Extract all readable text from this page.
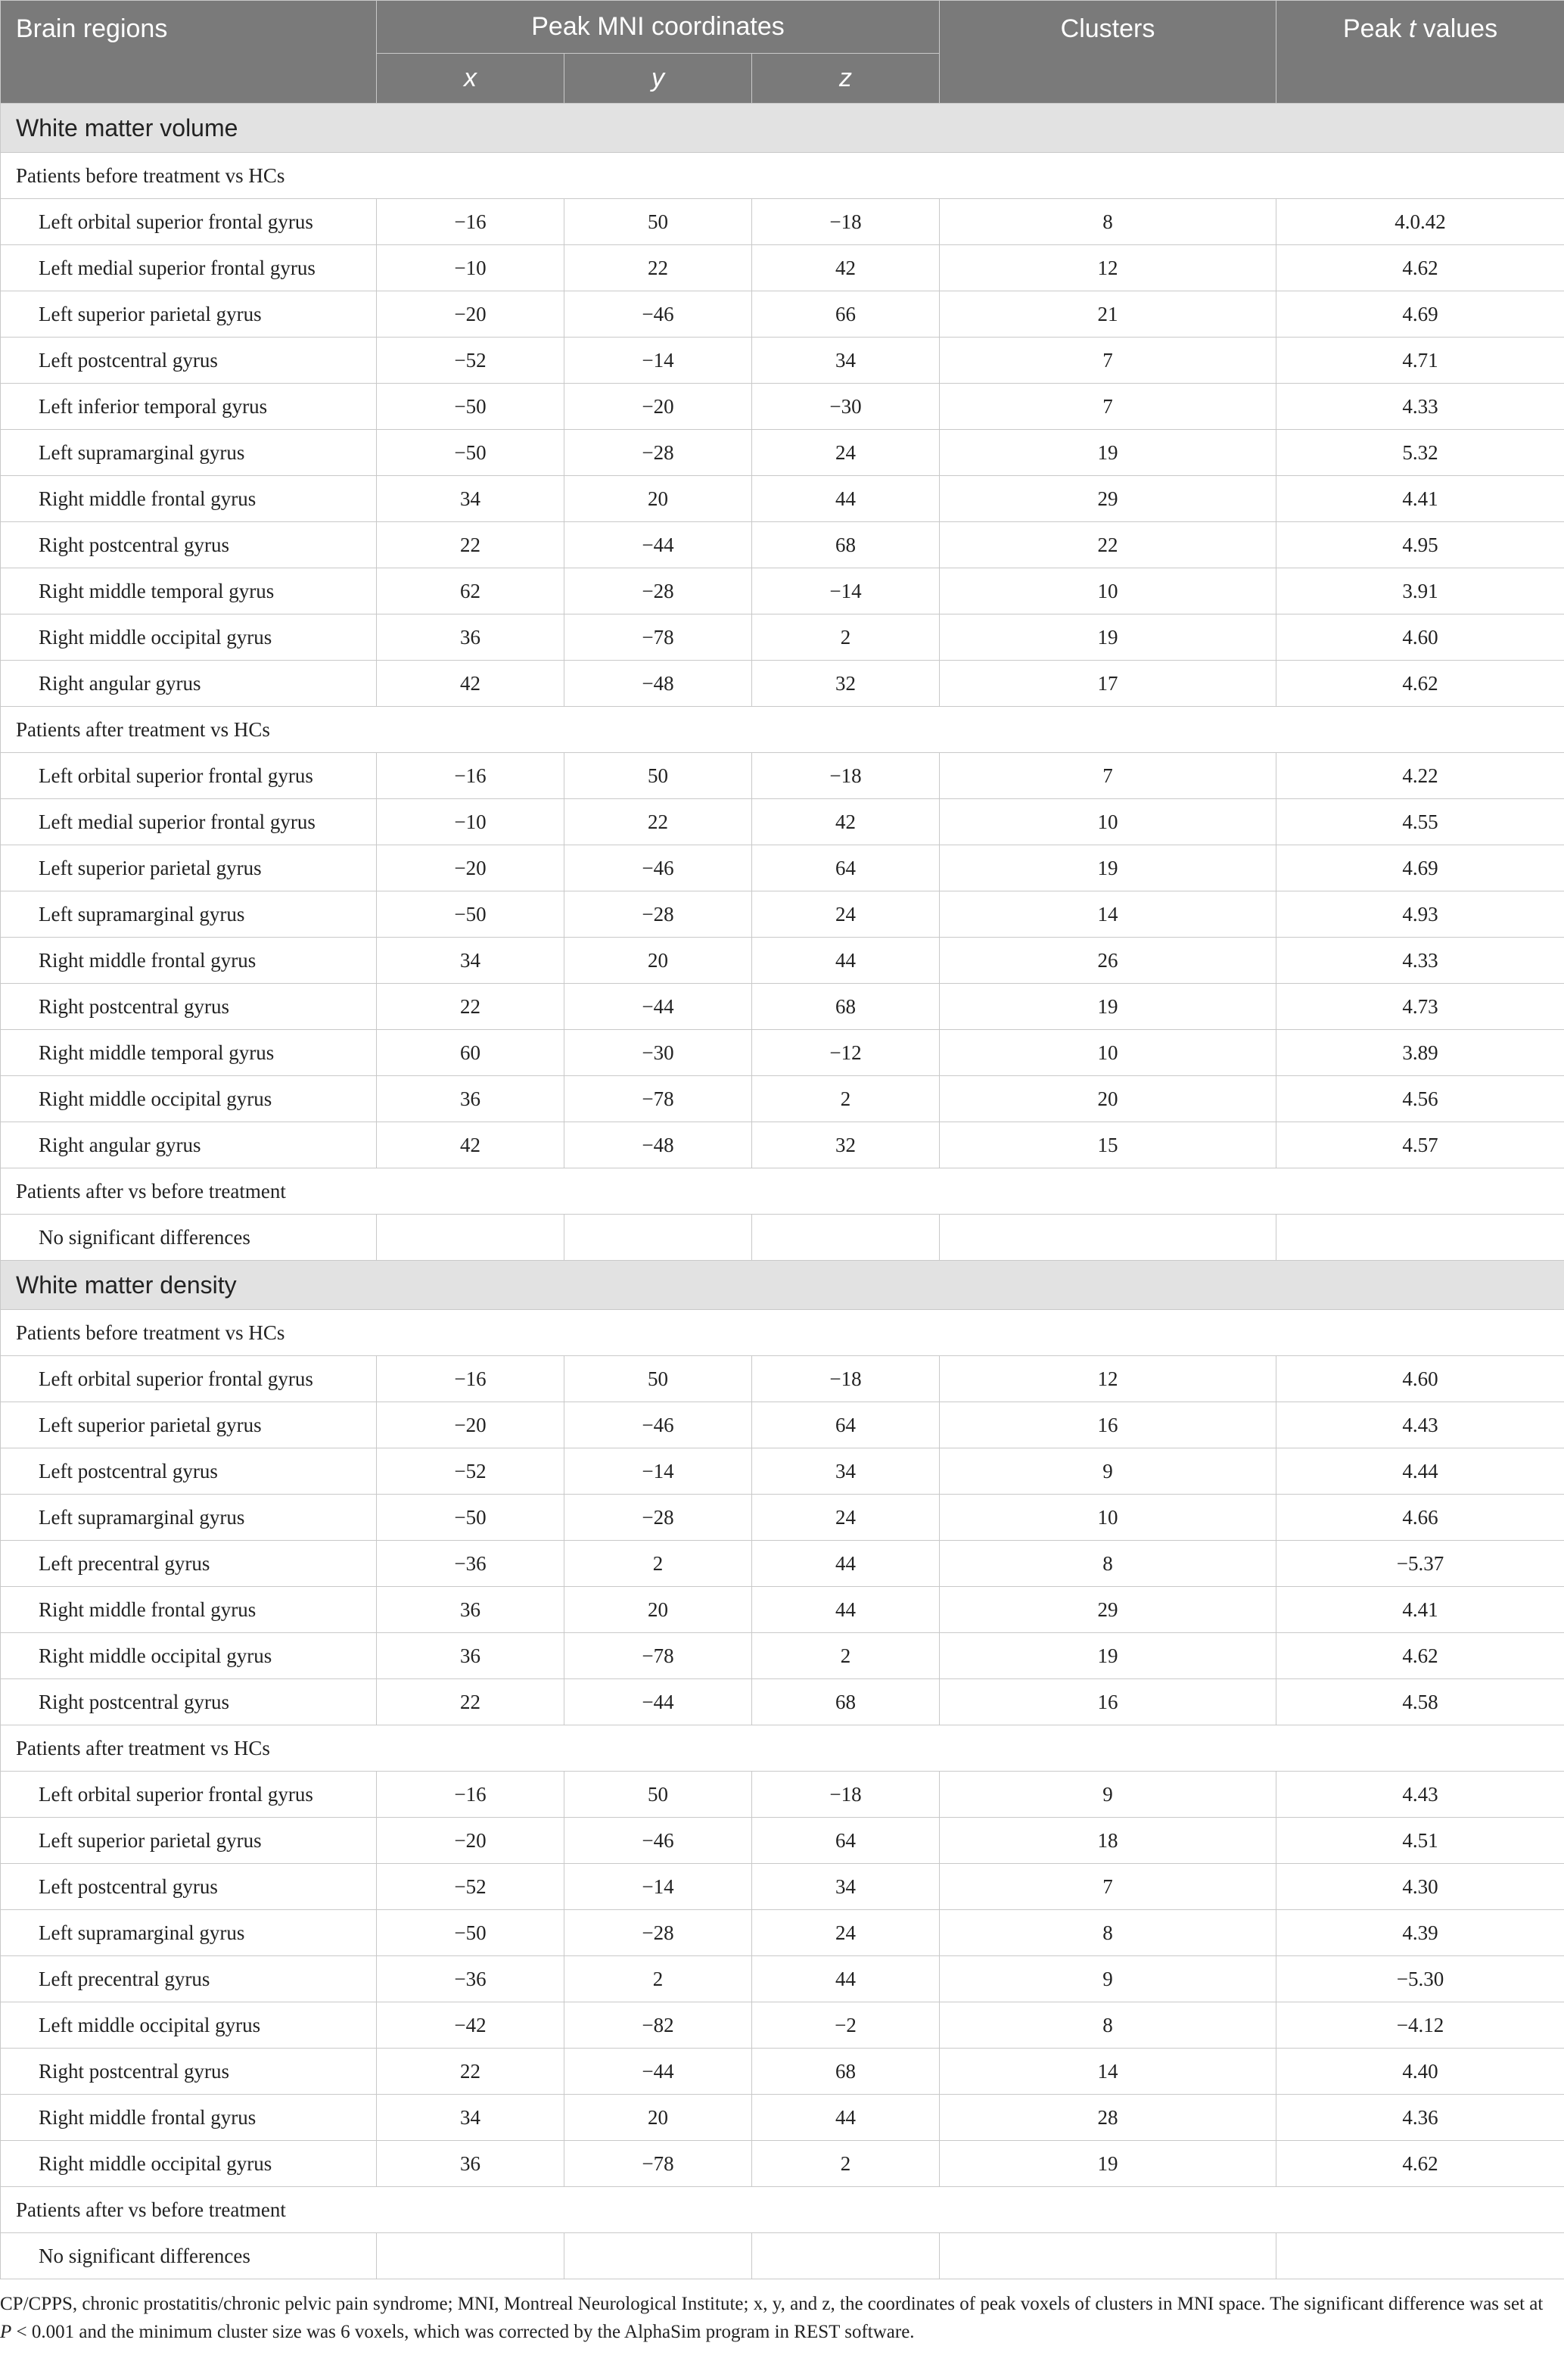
Brain regions	Peak MNI coordinates			Clusters	Peak t values
	x	y	z		
White matter volume					
Patients before treatment vs HCs					
Left orbital superior frontal gyrus	−16	50	−18	8	4.0.42
Left medial superior frontal gyrus	−10	22	42	12	4.62
Left superior parietal gyrus	−20	−46	66	21	4.69
Left postcentral gyrus	−52	−14	34	7	4.71
Left inferior temporal gyrus	−50	−20	−30	7	4.33
Left supramarginal gyrus	−50	−28	24	19	5.32
Right middle frontal gyrus	34	20	44	29	4.41
Right postcentral gyrus	22	−44	68	22	4.95
Right middle temporal gyrus	62	−28	−14	10	3.91
Right middle occipital gyrus	36	−78	2	19	4.60
Right angular gyrus	42	−48	32	17	4.62
Patients after treatment vs HCs					
Left orbital superior frontal gyrus	−16	50	−18	7	4.22
Left medial superior frontal gyrus	−10	22	42	10	4.55
Left superior parietal gyrus	−20	−46	64	19	4.69
Left supramarginal gyrus	−50	−28	24	14	4.93
Right middle frontal gyrus	34	20	44	26	4.33
Right postcentral gyrus	22	−44	68	19	4.73
Right middle temporal gyrus	60	−30	−12	10	3.89
Right middle occipital gyrus	36	−78	2	20	4.56
Right angular gyrus	42	−48	32	15	4.57
Patients after vs before treatment					
No significant differences					
White matter density					
Patients before treatment vs HCs					
Left orbital superior frontal gyrus	−16	50	−18	12	4.60
Left superior parietal gyrus	−20	−46	64	16	4.43
Left postcentral gyrus	−52	−14	34	9	4.44
Left supramarginal gyrus	−50	−28	24	10	4.66
Left precentral gyrus	−36	2	44	8	−5.37
Right middle frontal gyrus	36	20	44	29	4.41
Right middle occipital gyrus	36	−78	2	19	4.62
Right postcentral gyrus	22	−44	68	16	4.58
Patients after treatment vs HCs					
Left orbital superior frontal gyrus	−16	50	−18	9	4.43
Left superior parietal gyrus	−20	−46	64	18	4.51
Left postcentral gyrus	−52	−14	34	7	4.30
Left supramarginal gyrus	−50	−28	24	8	4.39
Left precentral gyrus	−36	2	44	9	−5.30
Left middle occipital gyrus	−42	−82	−2	8	−4.12
Right postcentral gyrus	22	−44	68	14	4.40
Right middle frontal gyrus	34	20	44	28	4.36
Right middle occipital gyrus	36	−78	2	19	4.62
Patients after vs before treatment					
No significant differences					
CP/CPPS, chronic prostatitis/chronic pelvic pain syndrome; MNI, Montreal Neurological Institute; x, y, and z, the coordinates of peak voxels of clusters in MNI space. The significant difference was set at P < 0.001 and the minimum cluster size was 6 voxels, which was corrected by the AlphaSim program in REST software.
